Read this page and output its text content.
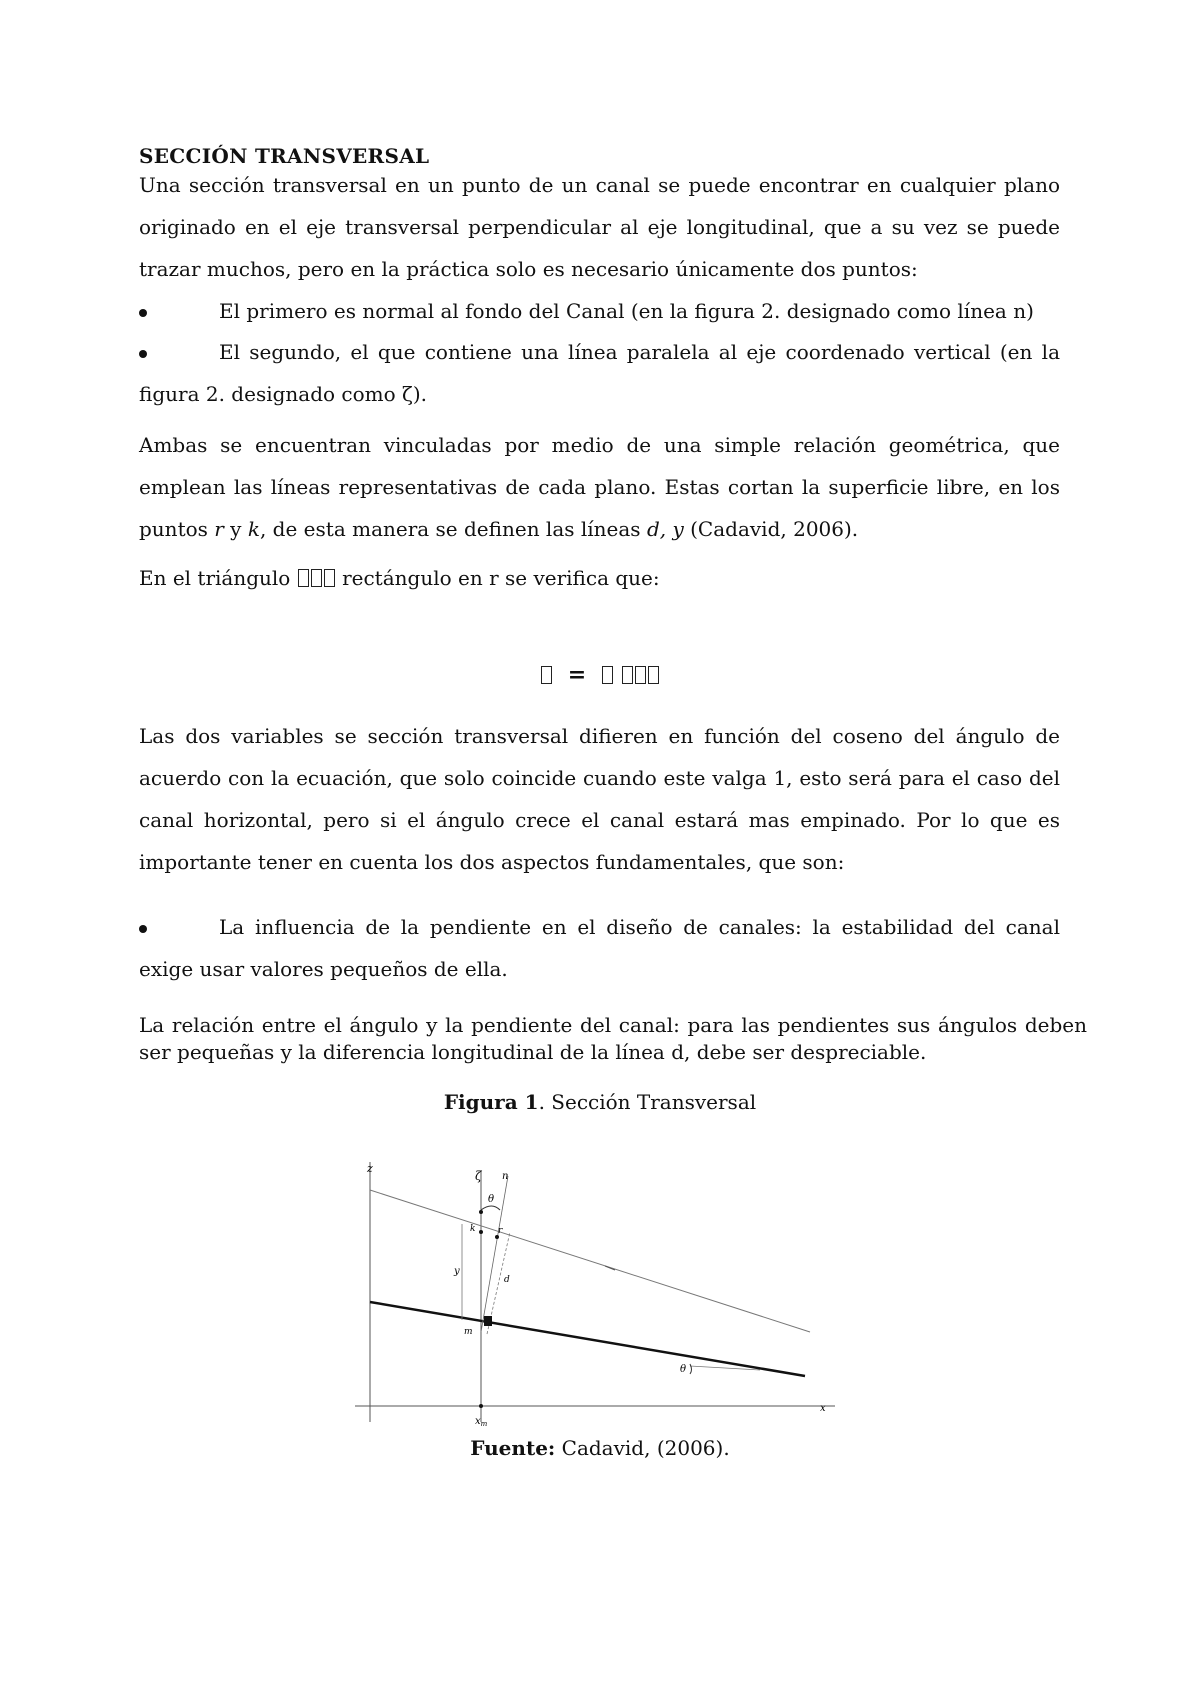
SECCIÓN TRANSVERSAL

Una sección transversal en un punto de un canal se puede encontrar en cualquier plano originado en el eje transversal perpendicular al eje longitudinal, que a su vez se puede trazar muchos, pero en la práctica solo es necesario únicamente dos puntos:

El primero es normal al fondo del Canal (en la figura 2. designado como línea n)
El segundo, el que contiene una línea paralela al eje coordenado vertical (en la figura 2. designado como ζ).

Ambas se encuentran vinculadas por medio de una simple relación geométrica, que emplean las líneas representativas de cada plano. Estas cortan la superficie libre, en los puntos r y k, de esta manera se definen las líneas d, y (Cadavid, 2006).

En el triángulo  rectángulo en r se verifica que:

=

Las dos variables se sección transversal difieren en función del coseno del ángulo de acuerdo con la ecuación, que solo coincide cuando este valga 1, esto será para el caso del canal horizontal, pero si el ángulo crece el canal estará mas empinado. Por lo que es importante tener en cuenta los dos aspectos fundamentales, que son:

La influencia de la pendiente en el diseño de canales: la estabilidad del canal exige usar valores pequeños de ella.

La relación entre el ángulo y la pendiente del canal: para las pendientes sus ángulos deben ser pequeñas y la diferencia longitudinal de la línea d, debe ser despreciable.

Figura 1. Sección Transversal
z
ζ n
θ
k	r
y
d
m
θ
x
$x_m$
Fuente: Cadavid, (2006).
